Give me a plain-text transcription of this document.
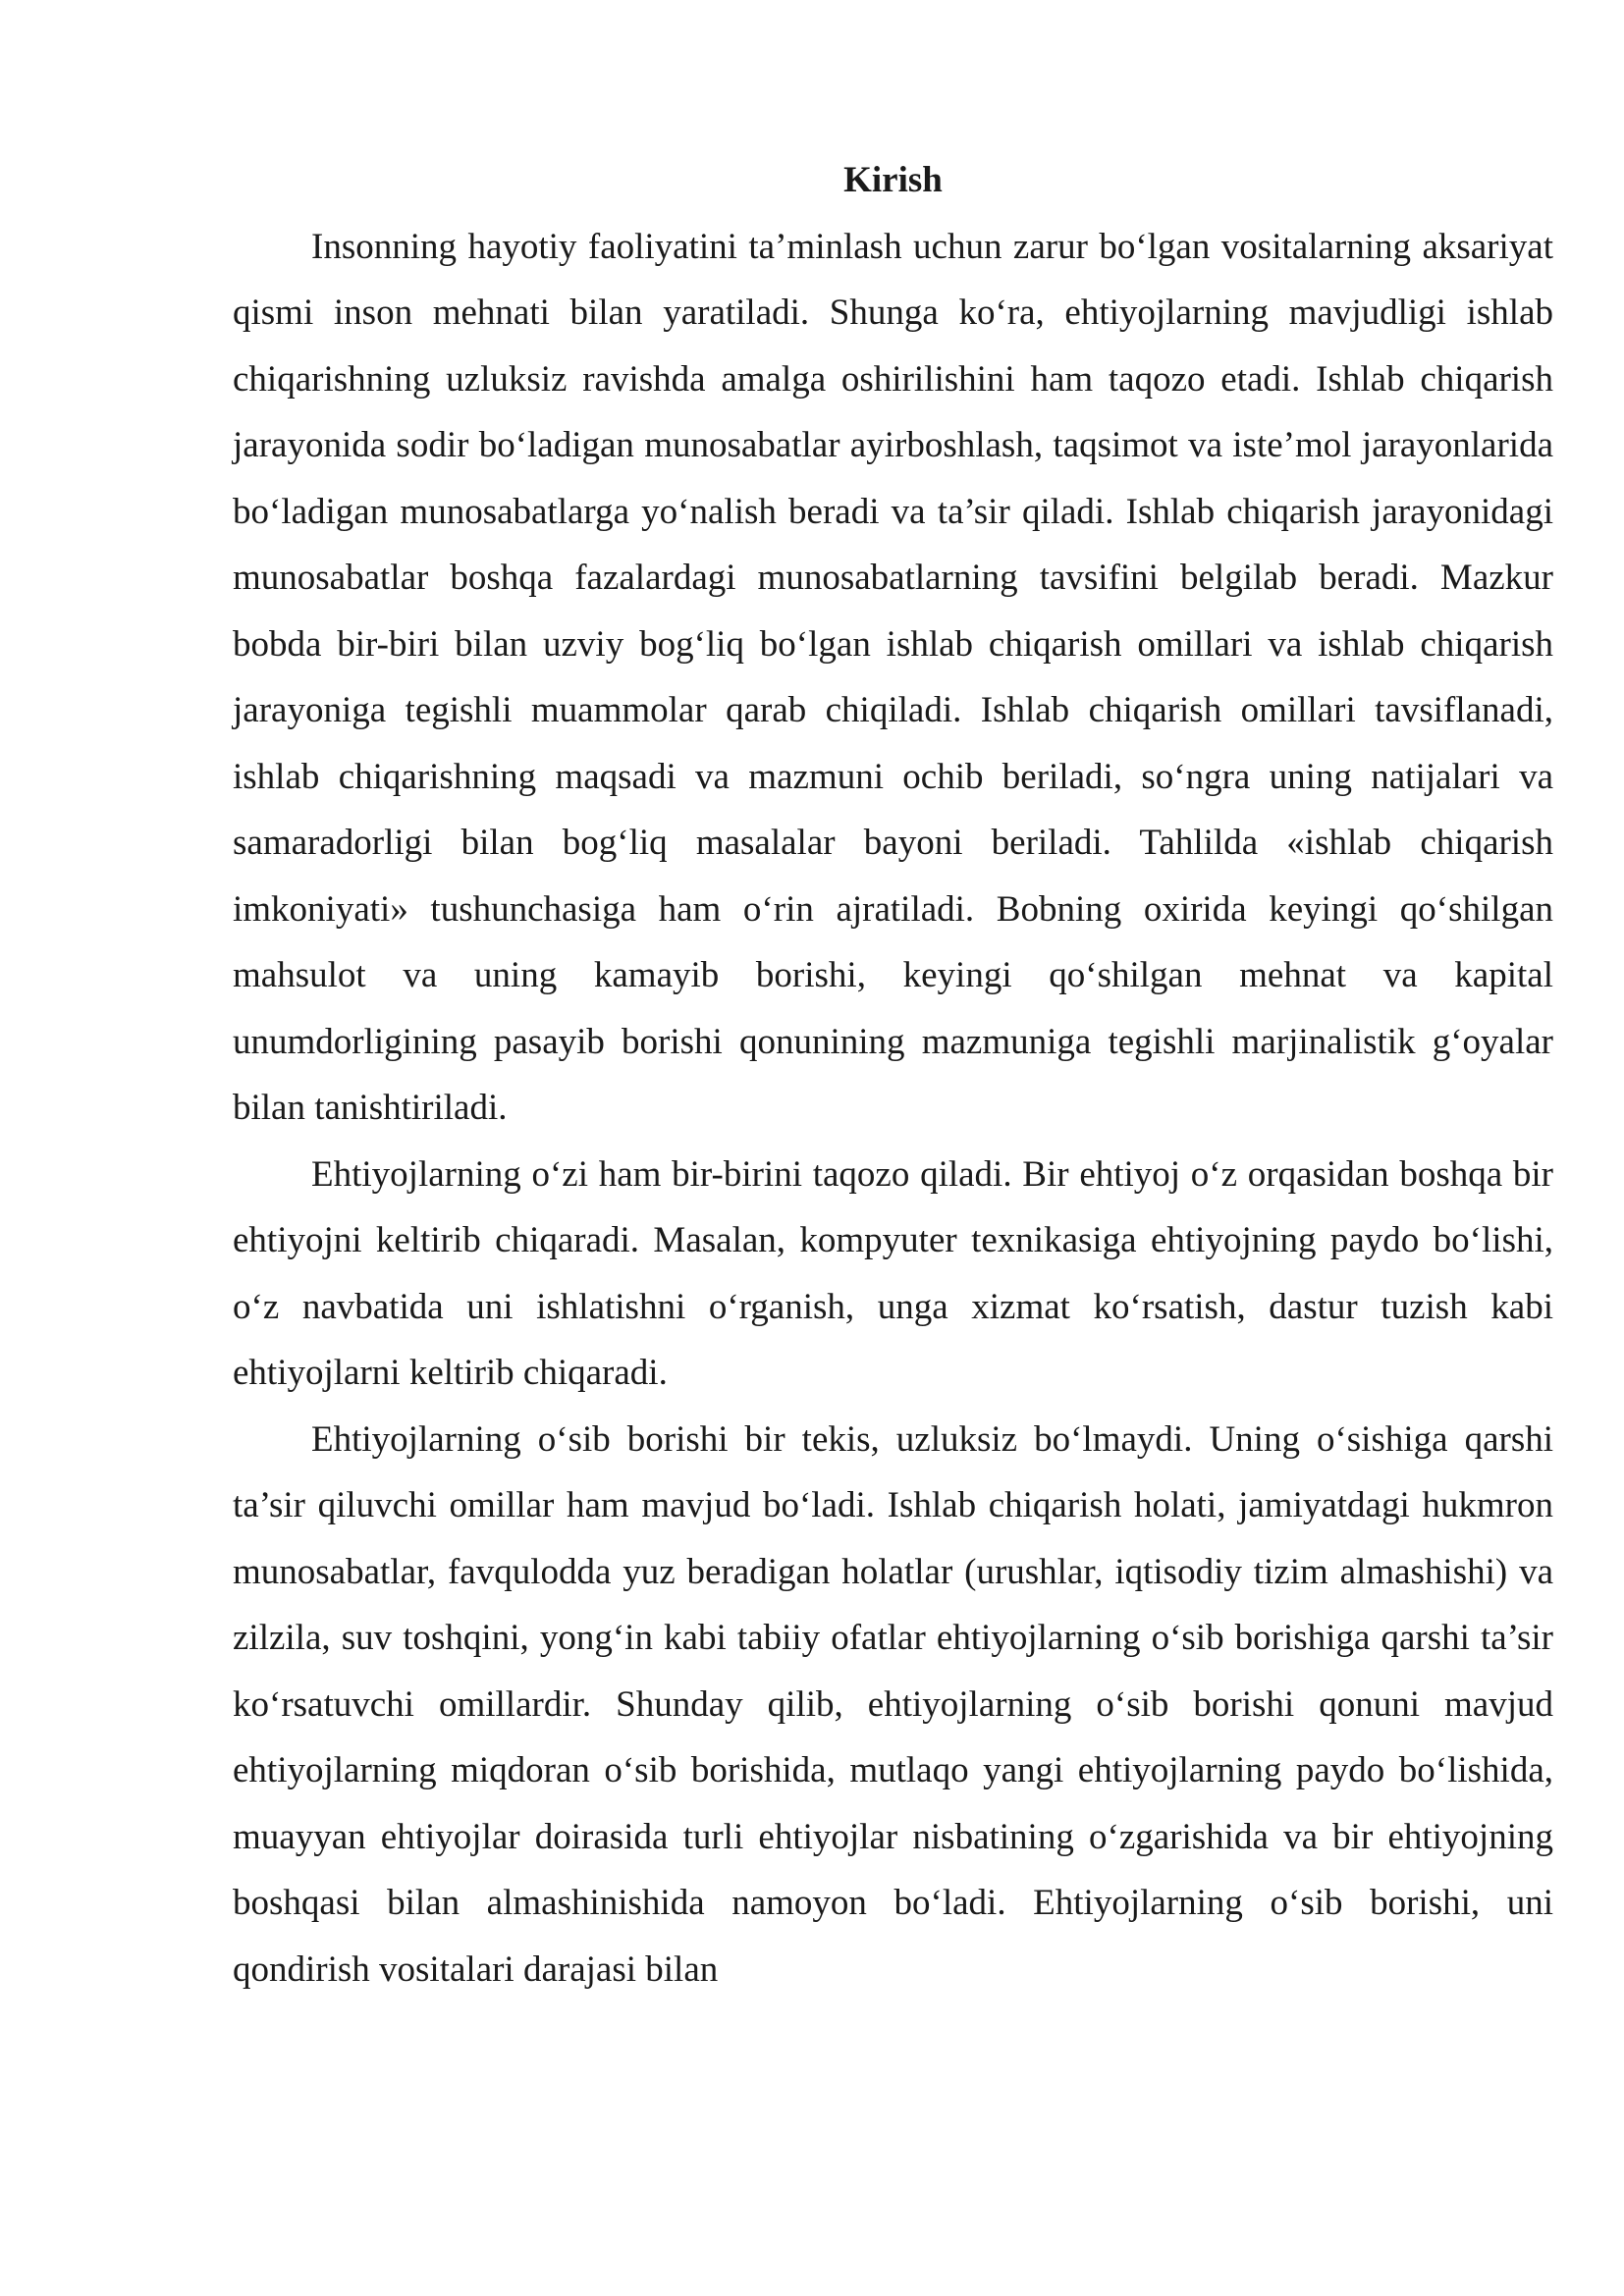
Kirish

Insonning hayotiy faoliyatini ta’minlash uchun zarur bo‘lgan vositalarning aksariyat qismi inson mehnati bilan yaratiladi. Shunga ko‘ra, ehtiyojlarning mavjudligi ishlab chiqarishning uzluksiz ravishda amalga oshirilishini ham taqozo etadi. Ishlab chiqarish jarayonida sodir bo‘ladigan munosabatlar ayirboshlash, taqsimot va iste’mol jarayonlarida bo‘ladigan munosabatlarga yo‘nalish beradi va ta’sir qiladi. Ishlab chiqarish jarayonidagi munosabatlar boshqa fazalardagi munosabatlarning tavsifini belgilab beradi. Mazkur bobda bir-biri bilan uzviy bog‘liq bo‘lgan ishlab chiqarish omillari va ishlab chiqarish jarayoniga tegishli muammolar qarab chiqiladi. Ishlab chiqarish omillari tavsiflanadi, ishlab chiqarishning maqsadi va mazmuni ochib beriladi, so‘ngra uning natijalari va samaradorligi bilan bog‘liq masalalar bayoni beriladi. Tahlilda «ishlab chiqarish imkoniyati» tushunchasiga ham o‘rin ajratiladi. Bobning oxirida keyingi qo‘shilgan mahsulot va uning kamayib borishi, keyingi qo‘shilgan mehnat va kapital unumdorligining pasayib borishi qonunining mazmuniga tegishli marjinalistik g‘oyalar bilan tanishtiriladi.

Ehtiyojlarning o‘zi ham bir-birini taqozo qiladi. Bir ehtiyoj o‘z orqasidan boshqa bir ehtiyojni keltirib chiqaradi. Masalan, kompyuter texnikasiga ehtiyojning paydo bo‘lishi, o‘z navbatida uni ishlatishni o‘rganish, unga xizmat ko‘rsatish, dastur tuzish kabi ehtiyojlarni keltirib chiqaradi.

Ehtiyojlarning o‘sib borishi bir tekis, uzluksiz bo‘lmaydi. Uning o‘sishiga qarshi ta’sir qiluvchi omillar ham mavjud bo‘ladi. Ishlab chiqarish holati, jamiyatdagi hukmron munosabatlar, favqulodda yuz beradigan holatlar (urushlar, iqtisodiy tizim almashishi) va zilzila, suv toshqini, yong‘in kabi tabiiy ofatlar ehtiyojlarning o‘sib borishiga qarshi ta’sir ko‘rsatuvchi omillardir. Shunday qilib, ehtiyojlarning o‘sib borishi qonuni mavjud ehtiyojlarning miqdoran o‘sib borishida, mutlaqo yangi ehtiyojlarning paydo bo‘lishida, muayyan ehtiyojlar doirasida turli ehtiyojlar nisbatining o‘zgarishida va bir ehtiyojning boshqasi bilan almashinishida namoyon bo‘ladi. Ehtiyojlarning o‘sib borishi, uni qondirish vositalari darajasi bilan
